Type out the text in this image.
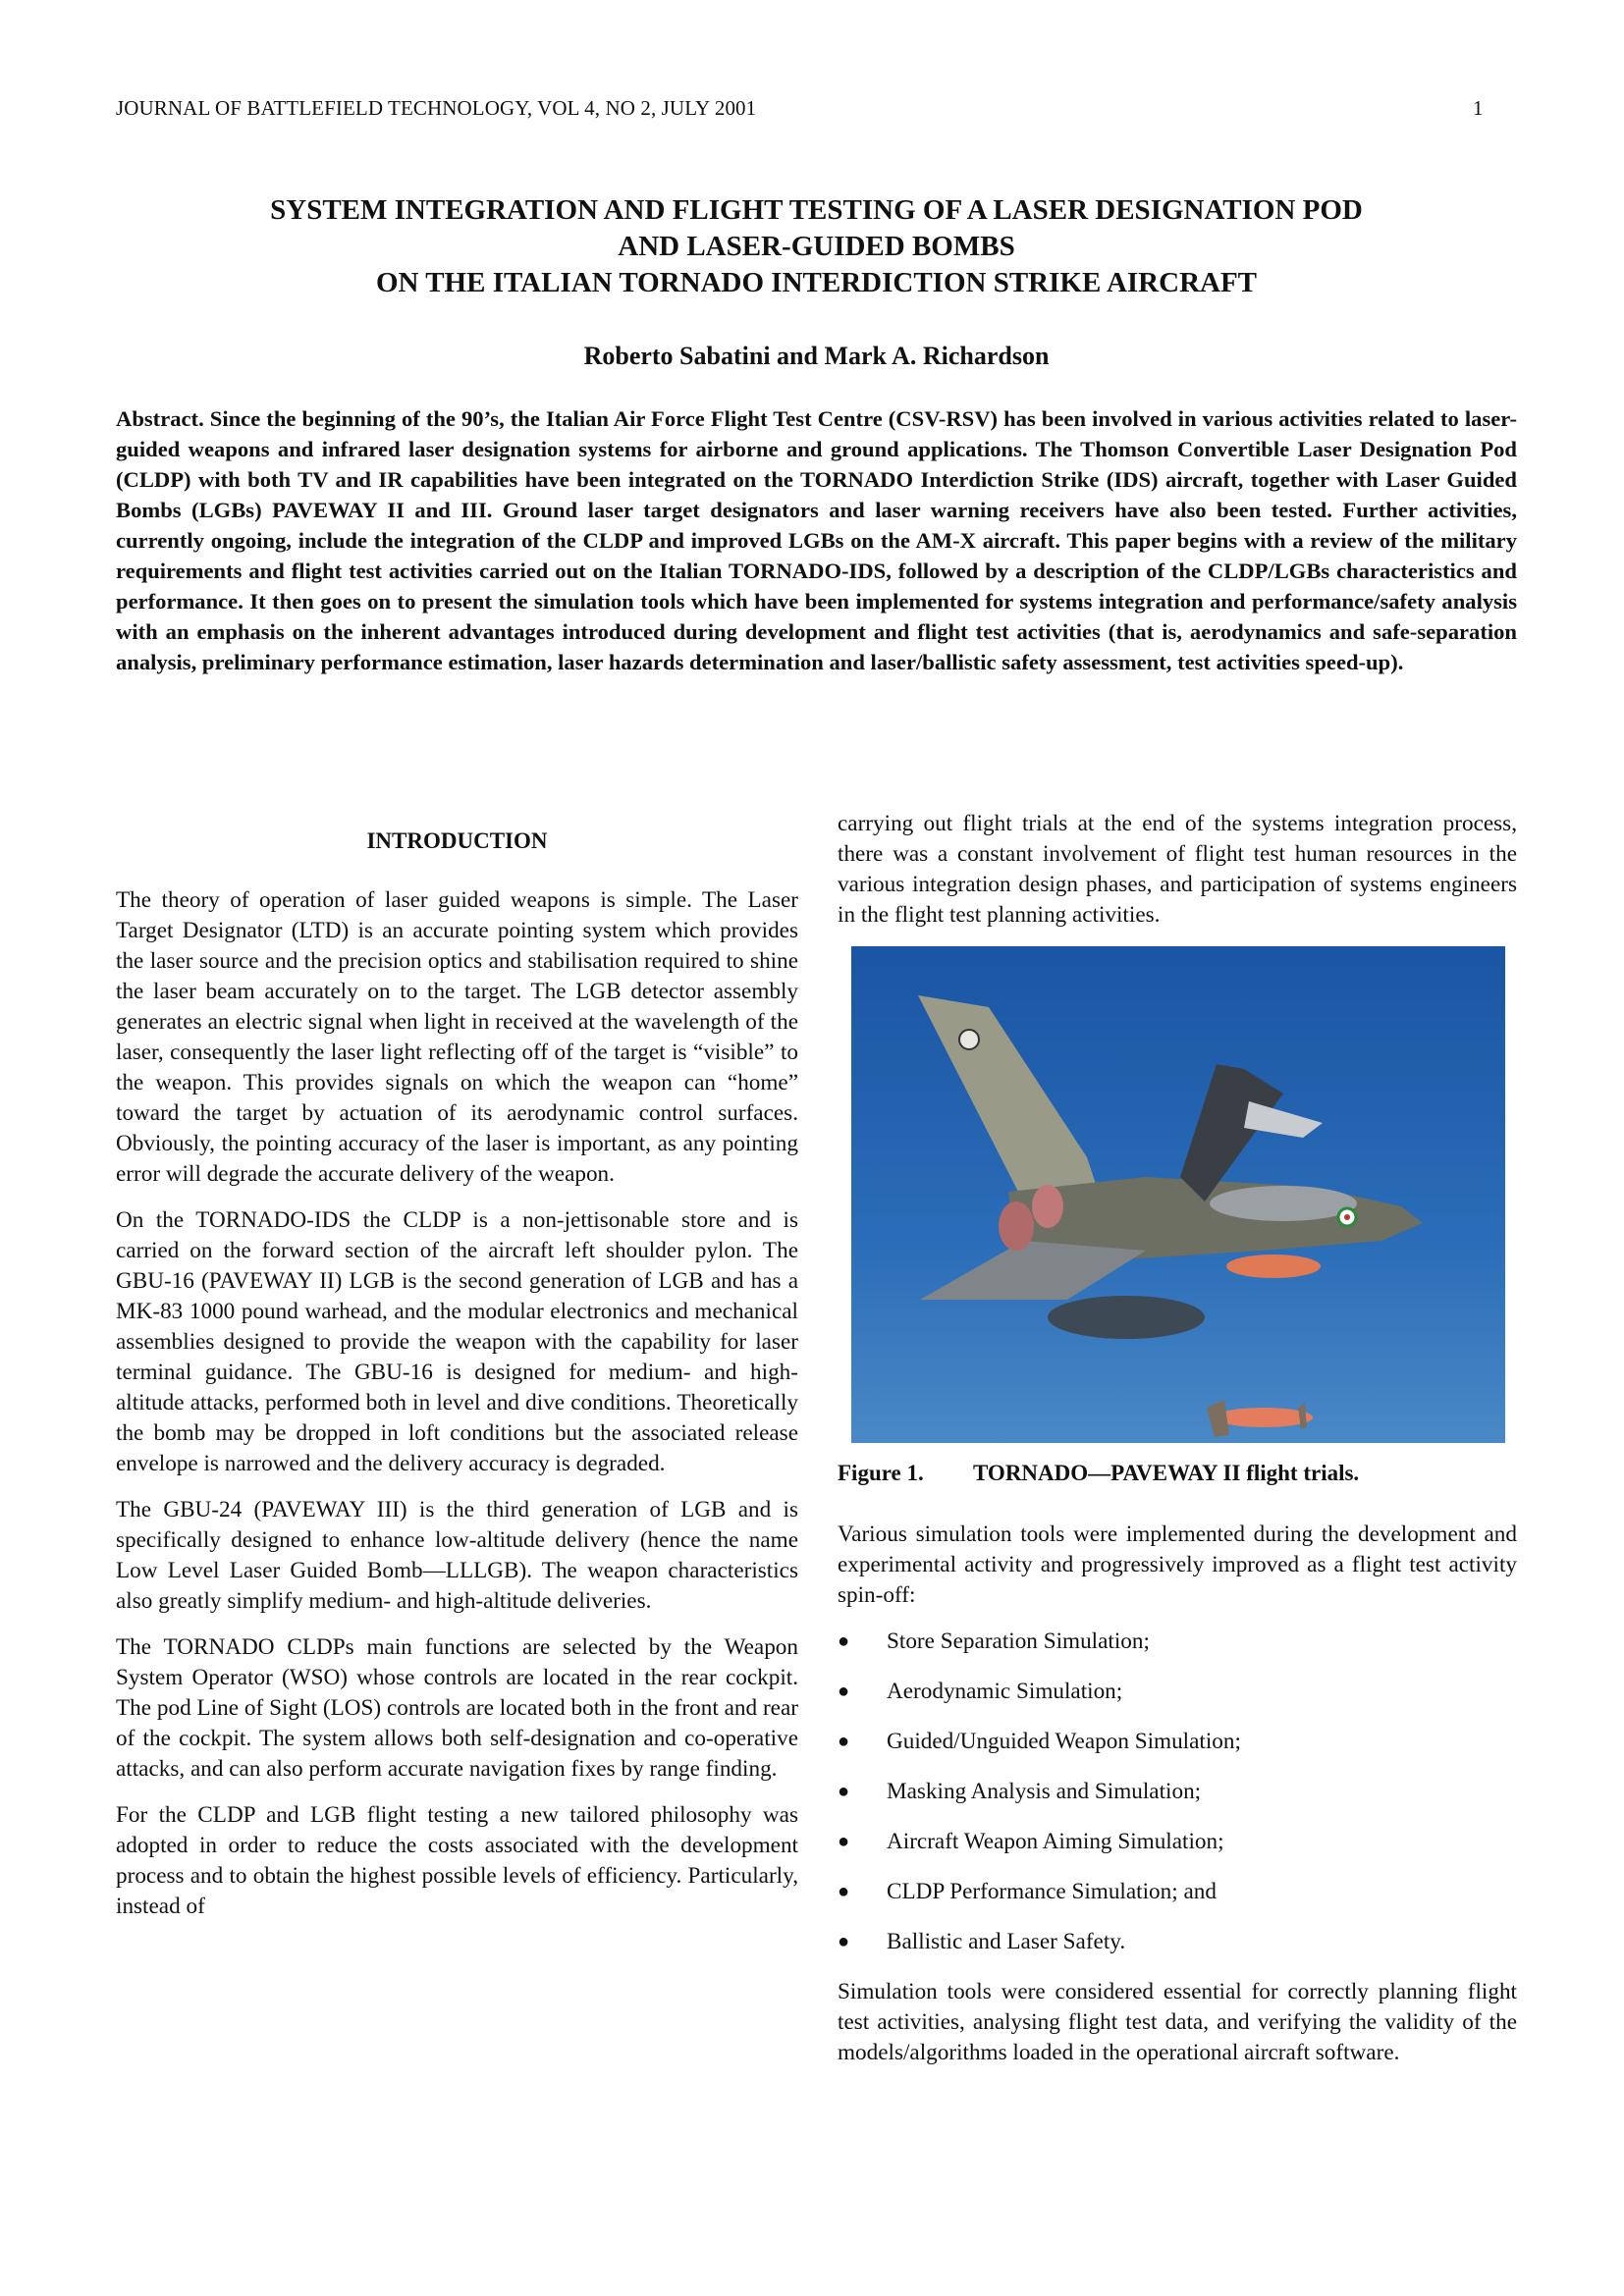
JOURNAL OF BATTLEFIELD TECHNOLOGY, VOL 4, NO 2, JULY 2001	1
SYSTEM INTEGRATION AND FLIGHT TESTING OF A LASER DESIGNATION POD
AND LASER-GUIDED BOMBS
ON THE ITALIAN TORNADO INTERDICTION STRIKE AIRCRAFT
Roberto Sabatini and Mark A. Richardson
Abstract. Since the beginning of the 90’s, the Italian Air Force Flight Test Centre (CSV-RSV) has been involved in various activities related to laser-guided weapons and infrared laser designation systems for airborne and ground applications. The Thomson Convertible Laser Designation Pod (CLDP) with both TV and IR capabilities have been integrated on the TORNADO Interdiction Strike (IDS) aircraft, together with Laser Guided Bombs (LGBs) PAVEWAY II and III. Ground laser target designators and laser warning receivers have also been tested. Further activities, currently ongoing, include the integration of the CLDP and improved LGBs on the AM-X aircraft. This paper begins with a review of the military requirements and flight test activities carried out on the Italian TORNADO-IDS, followed by a description of the CLDP/LGBs characteristics and performance. It then goes on to present the simulation tools which have been implemented for systems integration and performance/safety analysis with an emphasis on the inherent advantages introduced during development and flight test activities (that is, aerodynamics and safe-separation analysis, preliminary performance estimation, laser hazards determination and laser/ballistic safety assessment, test activities speed-up).
INTRODUCTION

The theory of operation of laser guided weapons is simple. The Laser Target Designator (LTD) is an accurate pointing system which provides the laser source and the precision optics and stabilisation required to shine the laser beam accurately on to the target. The LGB detector assembly generates an electric signal when light in received at the wavelength of the laser, consequently the laser light reflecting off of the target is “visible” to the weapon. This provides signals on which the weapon can “home” toward the target by actuation of its aerodynamic control surfaces. Obviously, the pointing accuracy of the laser is important, as any pointing error will degrade the accurate delivery of the weapon.

On the TORNADO-IDS the CLDP is a non-jettisonable store and is carried on the forward section of the aircraft left shoulder pylon. The GBU-16 (PAVEWAY II) LGB is the second generation of LGB and has a MK-83 1000 pound warhead, and the modular electronics and mechanical assemblies designed to provide the weapon with the capability for laser terminal guidance. The GBU-16 is designed for medium- and high-altitude attacks, performed both in level and dive conditions. Theoretically the bomb may be dropped in loft conditions but the associated release envelope is narrowed and the delivery accuracy is degraded.

The GBU-24 (PAVEWAY III) is the third generation of LGB and is specifically designed to enhance low-altitude delivery (hence the name Low Level Laser Guided Bomb—LLLGB). The weapon characteristics also greatly simplify medium- and high-altitude deliveries.

The TORNADO CLDPs main functions are selected by the Weapon System Operator (WSO) whose controls are located in the rear cockpit. The pod Line of Sight (LOS) controls are located both in the front and rear of the cockpit. The system allows both self-designation and co-operative attacks, and can also perform accurate navigation fixes by range finding.

For the CLDP and LGB flight testing a new tailored philosophy was adopted in order to reduce the costs associated with the development process and to obtain the highest possible levels of efficiency. Particularly, instead of

carrying out flight trials at the end of the systems integration process, there was a constant involvement of flight test human resources in the various integration design phases, and participation of systems engineers in the flight test planning activities.

Figure 1. TORNADO—PAVEWAY II flight trials.

Various simulation tools were implemented during the development and experimental activity and progressively improved as a flight test activity spin-off:

●	Store Separation Simulation;
●	Aerodynamic Simulation;
●	Guided/Unguided Weapon Simulation;
●	Masking Analysis and Simulation;
●	Aircraft Weapon Aiming Simulation;
●	CLDP Performance Simulation; and
●	Ballistic and Laser Safety.

Simulation tools were considered essential for correctly planning flight test activities, analysing flight test data, and verifying the validity of the models/algorithms loaded in the operational aircraft software.
